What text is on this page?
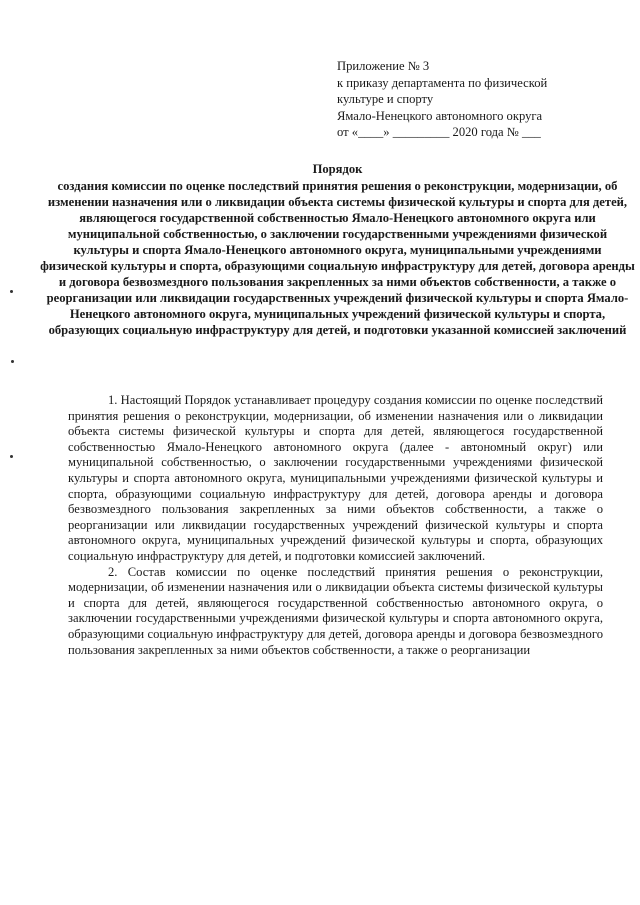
Приложение № 3
к приказу департамента по физической
культуре и спорту
Ямало-Ненецкого автономного округа
от «____» _________ 2020 года № ___
Порядок
создания комиссии по оценке последствий принятия решения о реконструкции, модернизации, об изменении назначения или о ликвидации объекта системы физической культуры и спорта для детей, являющегося государственной собственностью Ямало-Ненецкого автономного округа или муниципальной собственностью, о заключении государственными учреждениями физической культуры и спорта Ямало-Ненецкого автономного округа, муниципальными учреждениями физической культуры и спорта, образующими социальную инфраструктуру для детей, договора аренды и договора безвозмездного пользования закрепленных за ними объектов собственности, а также о реорганизации или ликвидации государственных учреждений физической культуры и спорта Ямало-Ненецкого автономного округа, муниципальных учреждений физической культуры и спорта, образующих социальную инфраструктуру для детей, и подготовки указанной комиссией заключений

1. Настоящий Порядок устанавливает процедуру создания комиссии по оценке последствий принятия решения о реконструкции, модернизации, об изменении назначения или о ликвидации объекта системы физической культуры и спорта для детей, являющегося государственной собственностью Ямало-Ненецкого автономного округа (далее - автономный округ) или муниципальной собственностью, о заключении государственными учреждениями физической культуры и спорта автономного округа, муниципальными учреждениями физической культуры и спорта, образующими социальную инфраструктуру для детей, договора аренды и договора безвозмездного пользования закрепленных за ними объектов собственности, а также о реорганизации или ликвидации государственных учреждений физической культуры и спорта автономного округа, муниципальных учреждений физической культуры и спорта, образующих социальную инфраструктуру для детей, и подготовки комиссией заключений.

2. Состав комиссии по оценке последствий принятия решения о реконструкции, модернизации, об изменении назначения или о ликвидации объекта системы физической культуры и спорта для детей, являющегося государственной собственностью автономного округа, о заключении государственными учреждениями физической культуры и спорта автономного округа, образующими социальную инфраструктуру для детей, договора аренды и договора безвозмездного пользования закрепленных за ними объектов собственности, а также о реорганизации
